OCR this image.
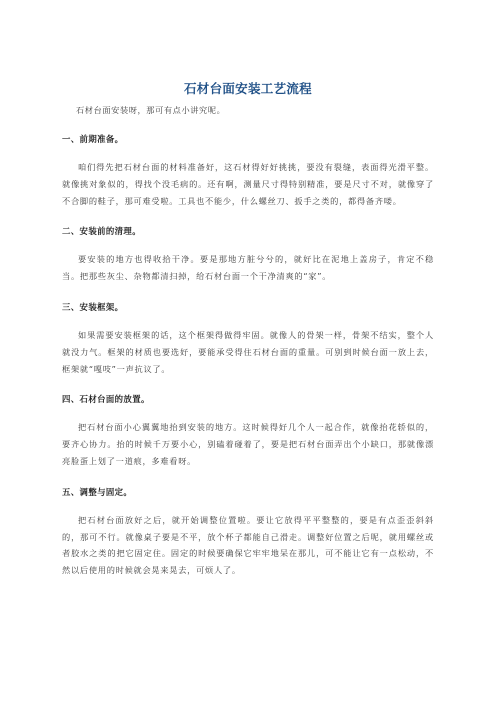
石材台面安装工艺流程

石材台面安装呀，那可有点小讲究呢。

一、前期准备。

咱们得先把石材台面的材料准备好，这石材得好好挑挑，要没有裂缝，表面得光滑平整。就像挑对象似的，得找个没毛病的。还有啊，测量尺寸得特别精准，要是尺寸不对，就像穿了不合脚的鞋子，那可难受啦。工具也不能少，什么螺丝刀、扳手之类的，都得备齐喽。

二、安装前的清理。

要安装的地方也得收拾干净。要是那地方脏兮兮的，就好比在泥地上盖房子，肯定不稳当。把那些灰尘、杂物都清扫掉，给石材台面一个干净清爽的“家”。

三、安装框架。

如果需要安装框架的话，这个框架得做得牢固。就像人的骨架一样，骨架不结实，整个人就没力气。框架的材质也要选好，要能承受得住石材台面的重量。可别到时候台面一放上去，框架就“嘎吱”一声抗议了。

四、石材台面的放置。

把石材台面小心翼翼地抬到安装的地方。这时候得好几个人一起合作，就像抬花轿似的，要齐心协力。抬的时候千万要小心，别磕着碰着了，要是把石材台面弄出个小缺口，那就像漂亮脸蛋上划了一道痕，多难看呀。

五、调整与固定。

把石材台面放好之后，就开始调整位置啦。要让它放得平平整整的，要是有点歪歪斜斜的，那可不行。就像桌子要是不平，放个杯子都能自己滑走。调整好位置之后呢，就用螺丝或者胶水之类的把它固定住。固定的时候要确保它牢牢地呆在那儿，可不能让它有一点松动，不然以后使用的时候就会晃来晃去，可烦人了。
